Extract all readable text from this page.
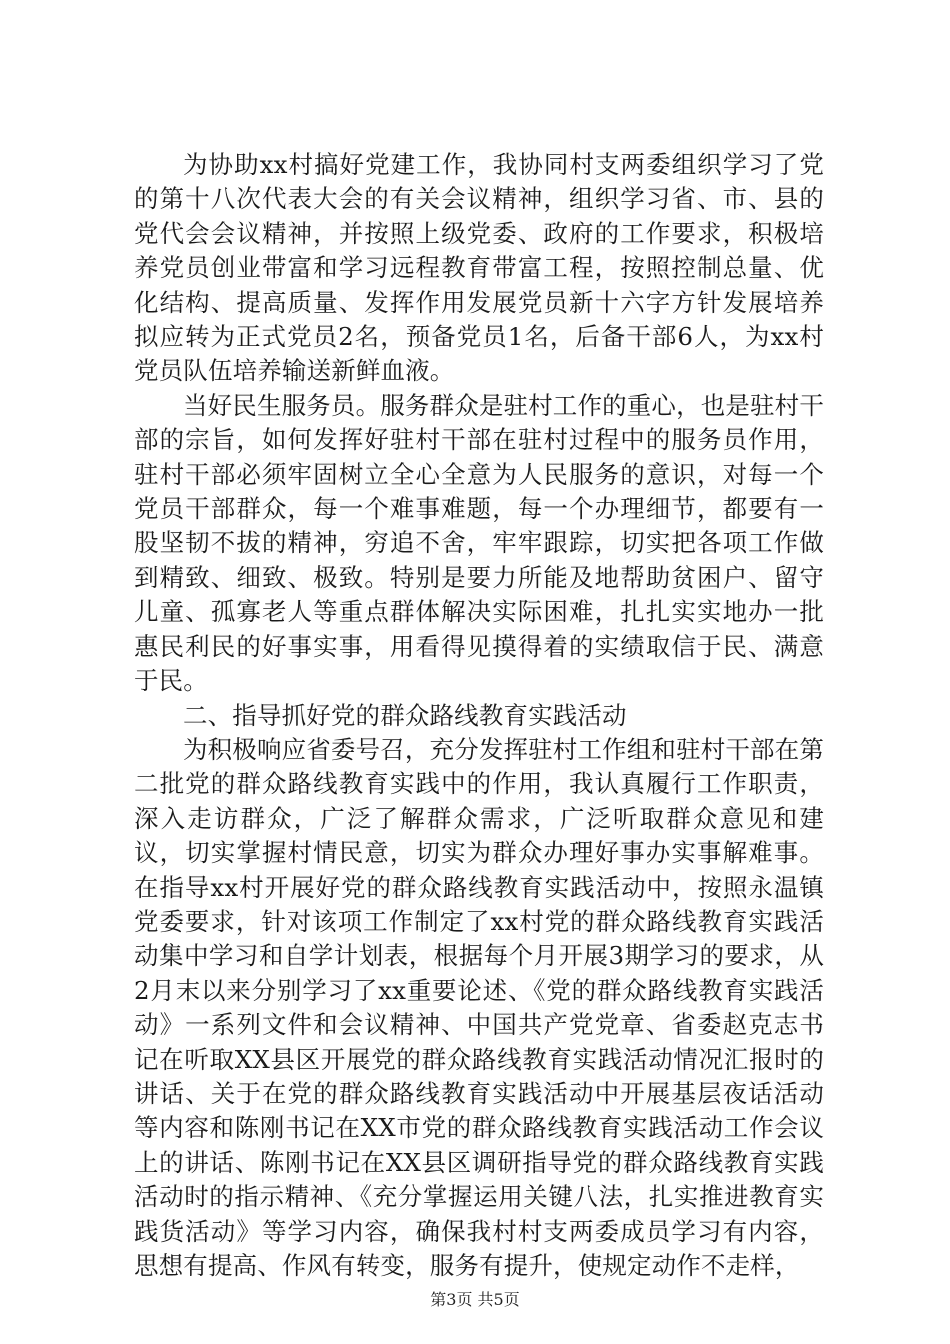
为协助xx村搞好党建工作，我协同村支两委组织学习了党的第十八次代表大会的有关会议精神，组织学习省、市、县的党代会会议精神，并按照上级党委、政府的工作要求，积极培养党员创业带富和学习远程教育带富工程，按照控制总量、优化结构、提高质量、发挥作用发展党员新十六字方针发展培养拟应转为正式党员2名，预备党员1名，后备干部6人，为xx村党员队伍培养输送新鲜血液。

当好民生服务员。服务群众是驻村工作的重心，也是驻村干部的宗旨，如何发挥好驻村干部在驻村过程中的服务员作用，驻村干部必须牢固树立全心全意为人民服务的意识，对每一个党员干部群众，每一个难事难题，每一个办理细节，都要有一股坚韧不拔的精神，穷追不舍，牢牢跟踪，切实把各项工作做到精致、细致、极致。特别是要力所能及地帮助贫困户、留守儿童、孤寡老人等重点群体解决实际困难，扎扎实实地办一批惠民利民的好事实事，用看得见摸得着的实绩取信于民、满意于民。

二、指导抓好党的群众路线教育实践活动

为积极响应省委号召，充分发挥驻村工作组和驻村干部在第二批党的群众路线教育实践中的作用，我认真履行工作职责，深入走访群众，广泛了解群众需求，广泛听取群众意见和建议，切实掌握村情民意，切实为群众办理好事办实事解难事。在指导xx村开展好党的群众路线教育实践活动中，按照永温镇党委要求，针对该项工作制定了xx村党的群众路线教育实践活动集中学习和自学计划表，根据每个月开展3期学习的要求，从2月末以来分别学习了xx重要论述、《党的群众路线教育实践活动》一系列文件和会议精神、中国共产党党章、省委赵克志书记在听取XX县区开展党的群众路线教育实践活动情况汇报时的讲话、关于在党的群众路线教育实践活动中开展基层夜话活动等内容和陈刚书记在XX市党的群众路线教育实践活动工作会议上的讲话、陈刚书记在XX县区调研指导党的群众路线教育实践活动时的指示精神、《充分掌握运用关键八法，扎实推进教育实践货活动》等学习内容，确保我村村支两委成员学习有内容，思想有提高、作风有转变，服务有提升，使规定动作不走样，

第3页 共5页
